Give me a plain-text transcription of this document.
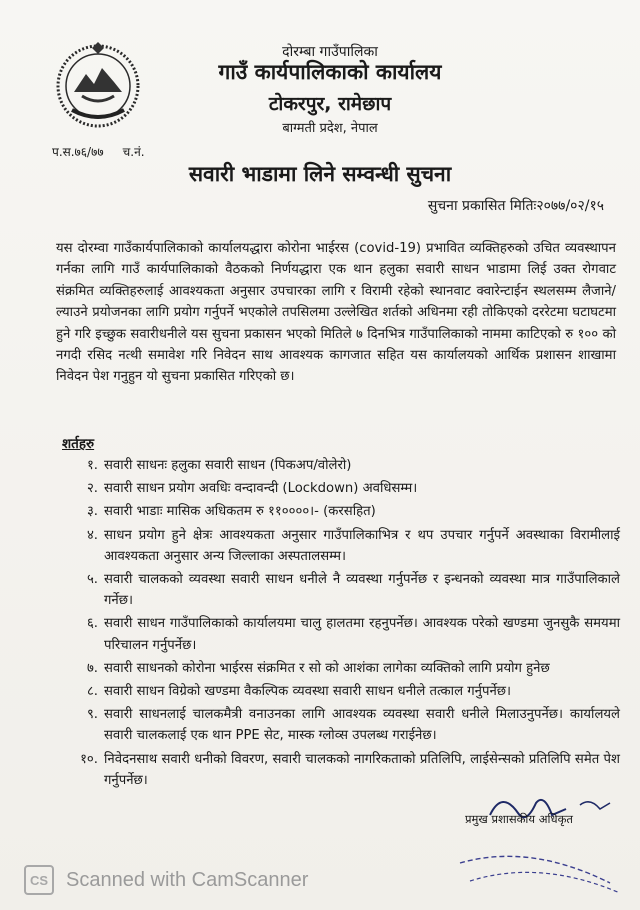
दोरम्बा गाउँपालिका
गाउँ कार्यपालिकाको कार्यालय
टोकरपुर, रामेछाप
बाग्मती प्रदेश, नेपाल
प.स.७६/७७ च.नं.
सवारी भाडामा लिने सम्वन्धी सुचना
सुचना प्रकासित मितिः२०७७/०२/१५
यस दोरम्वा गाउँकार्यपालिकाको कार्यालयद्धारा कोरोना भाईरस (covid-19) प्रभावित व्यक्तिहरुको उचित व्यवस्थापन गर्नका लागि गाउँ कार्यपालिकाको वैठकको निर्णयद्धारा एक थान हलुका सवारी साधन भाडामा लिई उक्त रोगवाट संक्रमित व्यक्तिहरुलाई आवश्यकता अनुसार उपचारका लागि र विरामी रहेको स्थानवाट क्वारेन्टाईन स्थलसम्म लैजाने/ल्याउने प्रयोजनका लागि प्रयोग गर्नुपर्ने भएकोले तपसिलमा उल्लेखित शर्तको अधिनमा रही तोकिएको दररेटमा घटाघटमा हुने गरि इच्छुक सवारीधनीले यस सुचना प्रकासन भएको मितिले ७ दिनभित्र गाउँपालिकाको नाममा काटिएको रु १०० को नगदी रसिद नत्थी समावेश गरि निवेदन साथ आवश्यक कागजात सहित यस कार्यालयको आर्थिक प्रशासन शाखामा निवेदन पेश गनुहुन यो सुचना प्रकासित गरिएको छ।
शर्तहरु
१. सवारी साधनः हलुका सवारी साधन (पिकअप/वोलेरो)
२. सवारी साधन प्रयोग अवधिः वन्दावन्दी (Lockdown) अवधिसम्म।
३. सवारी भाडाः मासिक अधिकतम रु ११००००।- (करसहित)
४. साधन प्रयोग हुने क्षेत्रः आवश्यकता अनुसार गाउँपालिकाभित्र र थप उपचार गर्नुपर्ने अवस्थाका विरामीलाई आवश्यकता अनुसार अन्य जिल्लाका अस्पतालसम्म।
५. सवारी चालकको व्यवस्था सवारी साधन धनीले नै व्यवस्था गर्नुपर्नेछ र इन्धनको व्यवस्था मात्र गाउँपालिकाले गर्नेछ।
६. सवारी साधन गाउँपालिकाको कार्यालयमा चालु हालतमा रहनुपर्नेछ। आवश्यक परेको खण्डमा जुनसुकै समयमा परिचालन गर्नुपर्नेछ।
७. सवारी साधनको कोरोना भाईरस संक्रमित र सो को आशंका लागेका व्यक्तिको लागि प्रयोग हुनेछ
८. सवारी साधन विग्रेको खण्डमा वैकल्पिक व्यवस्था सवारी साधन धनीले तत्काल गर्नुपर्नेछ।
९. सवारी साधनलाई चालकमैत्री वनाउनका लागि आवश्यक व्यवस्था सवारी धनीले मिलाउनुपर्नेछ। कार्यालयले सवारी चालकलाई एक थान PPE सेट, मास्क ग्लोव्स उपलब्ध गराईनेछ।
१०. निवेदनसाथ सवारी धनीको विवरण, सवारी चालकको नागरिकताको प्रतिलिपि, लाईसेन्सको प्रतिलिपि समेत पेश गर्नुपर्नेछ।
प्रमुख प्रशासकीय अधिकृत
CS Scanned with CamScanner
